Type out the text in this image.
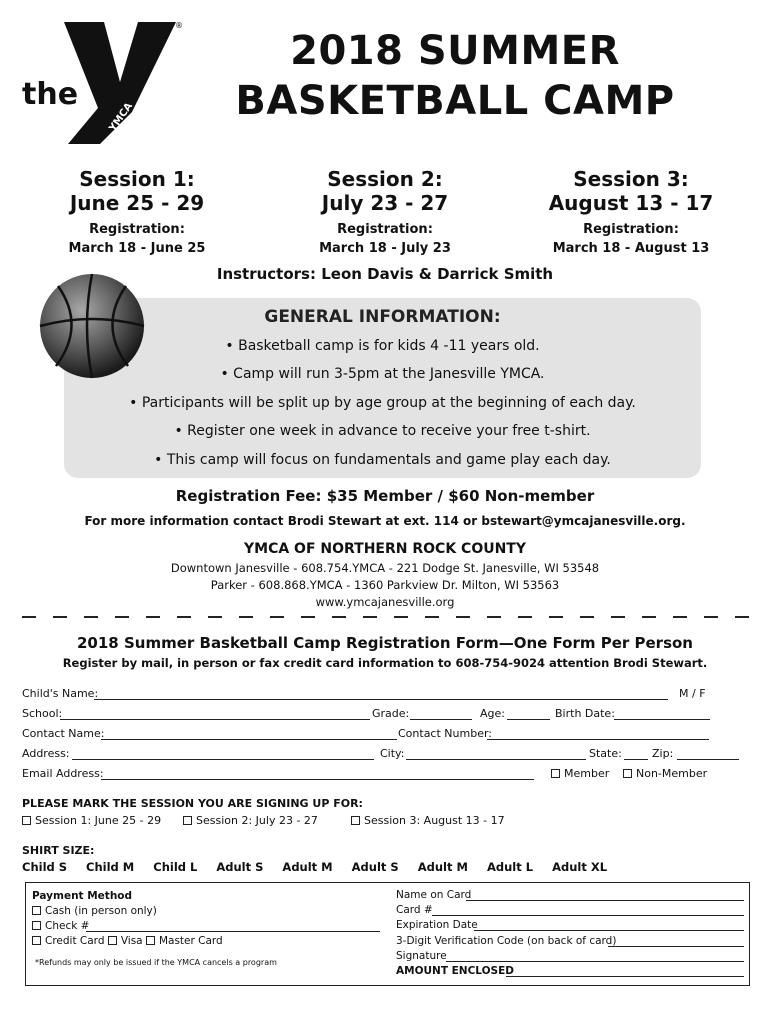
the
YMCA
®
2018 SUMMER
BASKETBALL CAMP
Session 1:
June 25 - 29
Registration:
March 18 - June 25
Session 2:
July 23 - 27
Registration:
March 18 - July 23
Session 3:
August 13 - 17
Registration:
March 18 - August 13
Instructors: Leon Davis & Darrick Smith
GENERAL INFORMATION:
• Basketball camp is for kids 4 -11 years old.
• Camp will run 3-5pm at the Janesville YMCA.
• Participants will be split up by age group at the beginning of each day.
• Register one week in advance to receive your free t-shirt.
• This camp will focus on fundamentals and game play each day.
Registration Fee: $35 Member / $60 Non-member
For more information contact Brodi Stewart at ext. 114 or bstewart@ymcajanesville.org.
YMCA OF NORTHERN ROCK COUNTY
Downtown Janesville - 608.754.YMCA - 221 Dodge St. Janesville, WI 53548
Parker - 608.868.YMCA - 1360 Parkview Dr. Milton, WI 53563
www.ymcajanesville.org
2018 Summer Basketball Camp Registration Form—One Form Per Person
Register by mail, in person or fax credit card information to 608-754-9024 attention Brodi Stewart.
Child's Name:	M / F
School:	Grade:	Age:	Birth Date:
Contact Name:	Contact Number:
Address:	City:	State:	Zip:
Email Address:	Member	Non-Member
PLEASE MARK THE SESSION YOU ARE SIGNING UP FOR:
Session 1: June 25 - 29	Session 2: July 23 - 27	Session 3: August 13 - 17
SHIRT SIZE:
Child S Child M Child L Adult S Adult M Adult S Adult M Adult L Adult XL
Payment Method
Cash (in person only)
Check #
Credit Card Visa Master Card
*Refunds may only be issued if the YMCA cancels a program
Name on Card
Card #
Expiration Date
3-Digit Verification Code (on back of card)
Signature
AMOUNT ENCLOSED
